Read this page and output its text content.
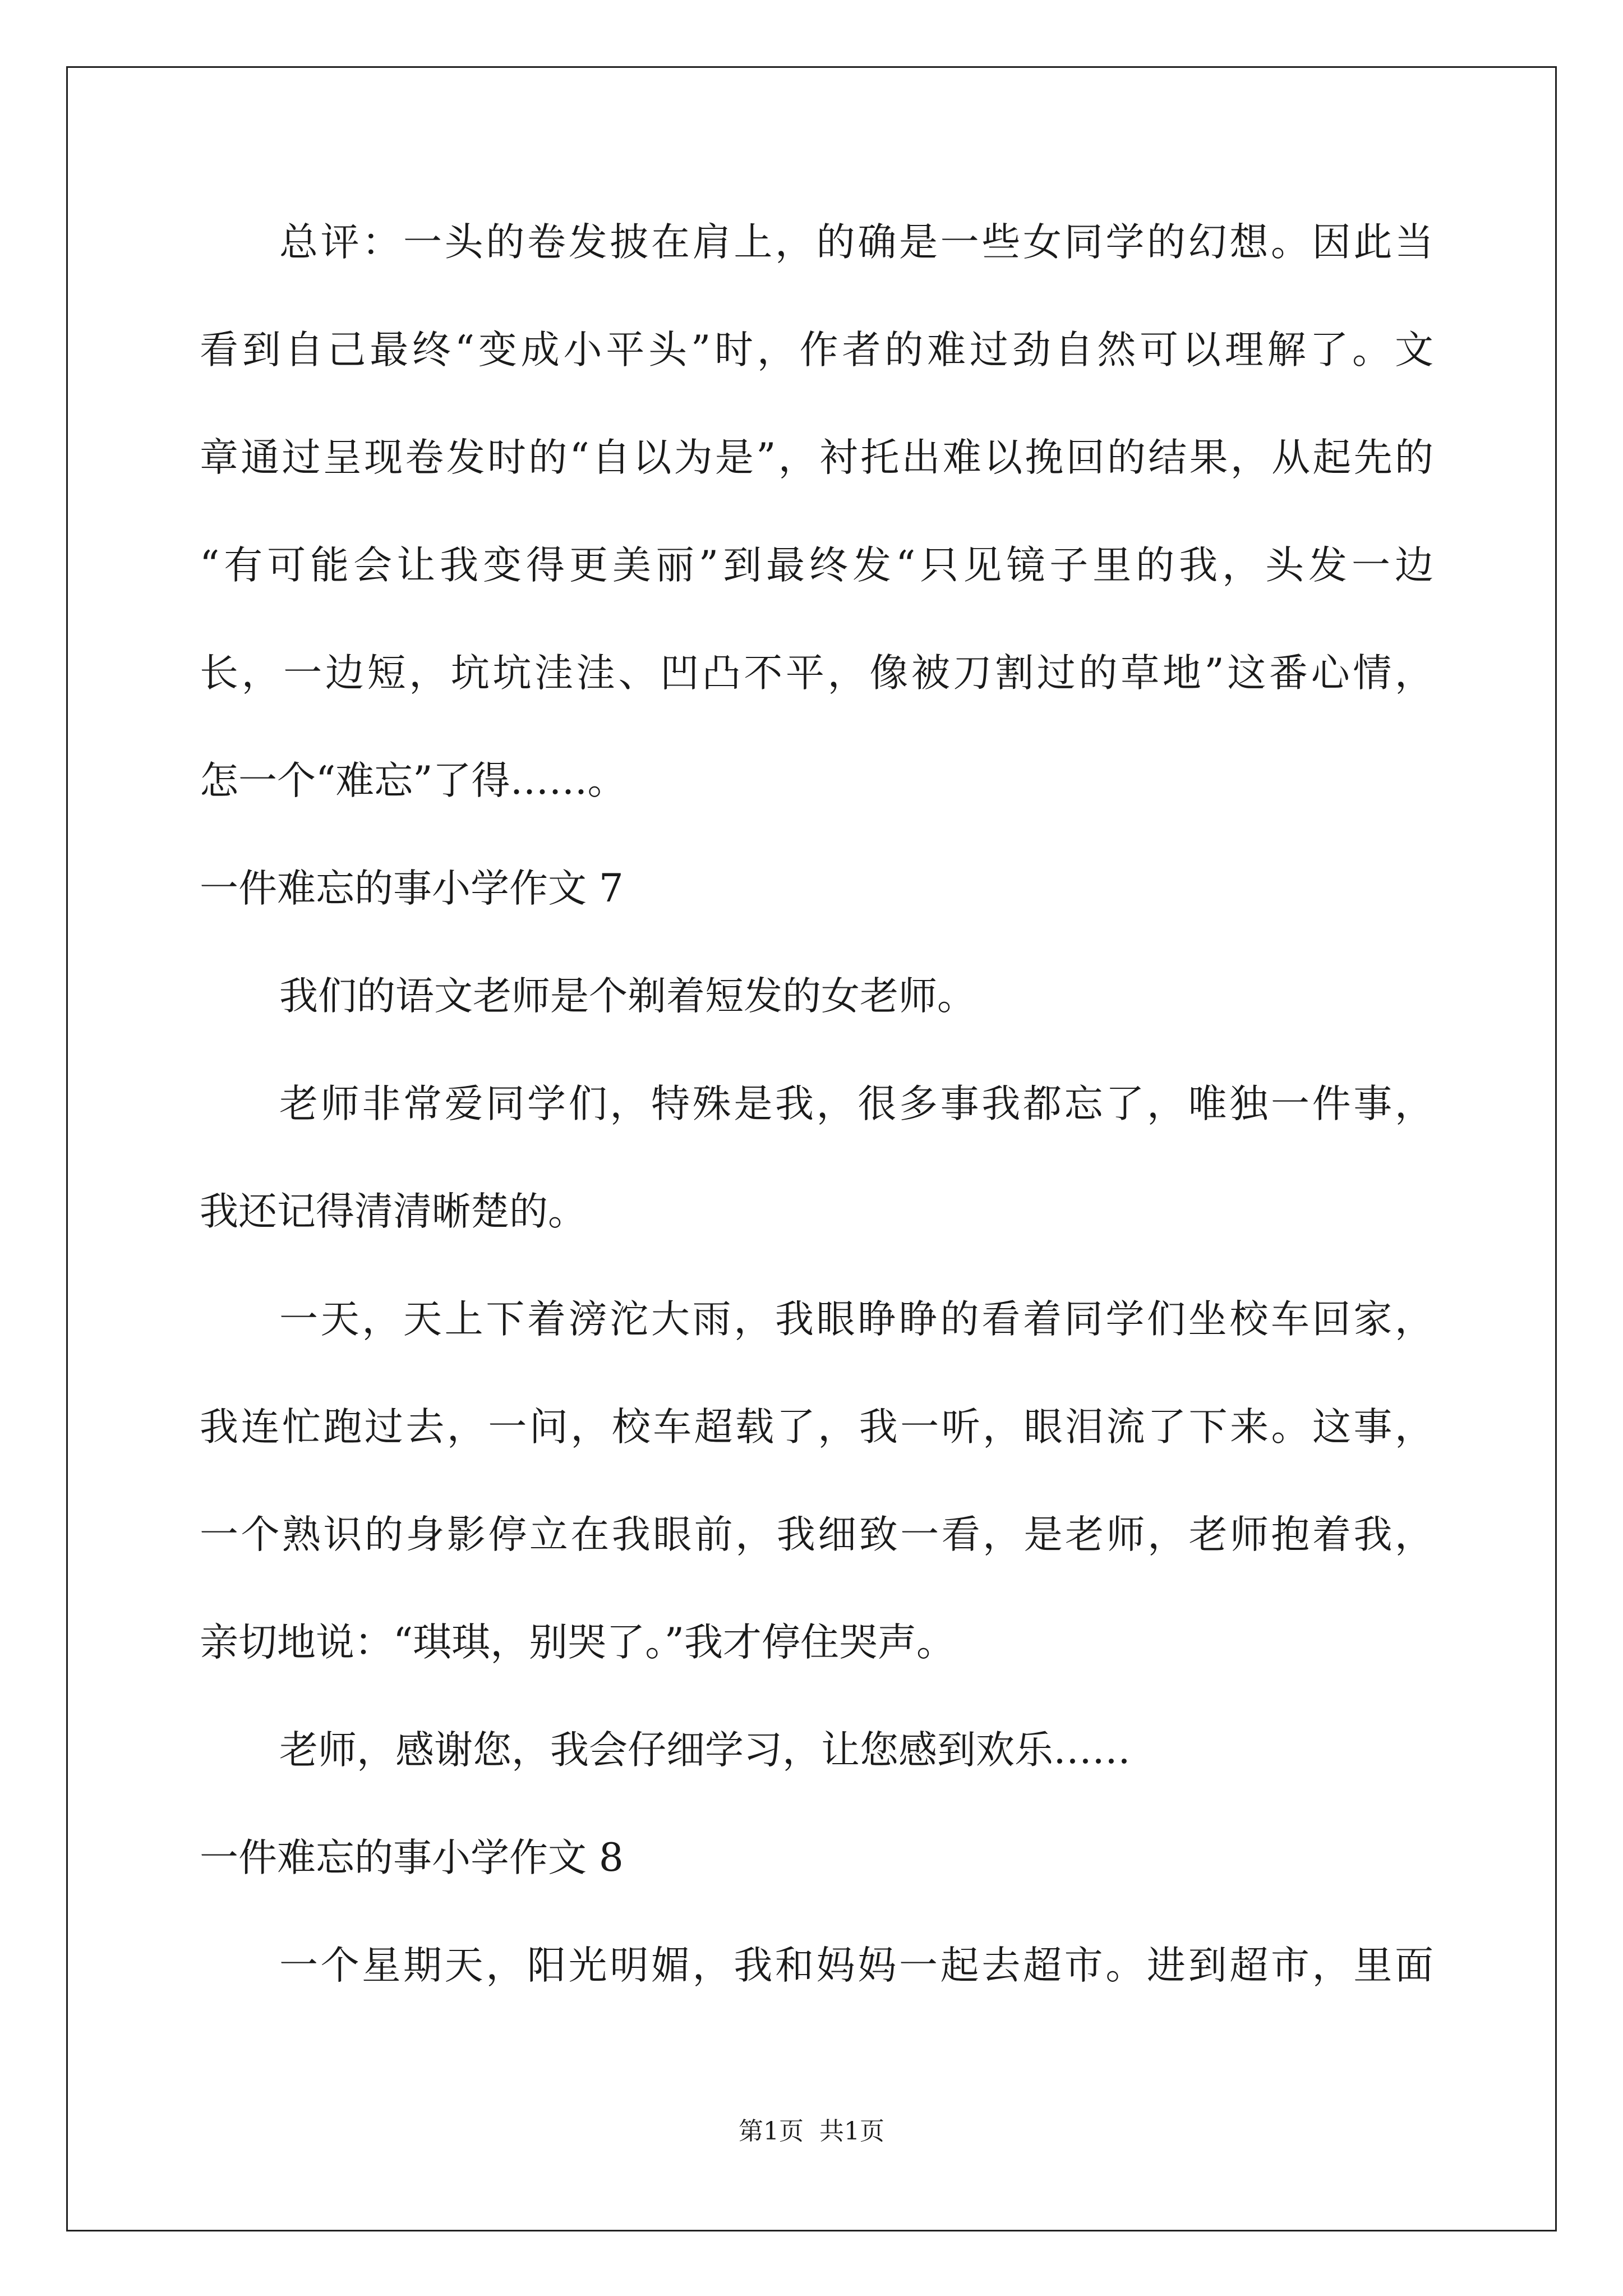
总评：一头的卷发披在肩上，的确是一些女同学的幻想。因此当
看到自己最终“变成小平头”时，作者的难过劲自然可以理解了。文
章通过呈现卷发时的“自以为是”，衬托出难以挽回的结果，从起先的
“有可能会让我变得更美丽”到最终发“只见镜子里的我，头发一边
长，一边短，坑坑洼洼、凹凸不平，像被刀割过的草地”这番心情，
怎一个“难忘”了得……。
一件难忘的事小学作文 7
我们的语文老师是个剃着短发的女老师。
老师非常爱同学们，特殊是我，很多事我都忘了，唯独一件事，
我还记得清清晰楚的。
一天，天上下着滂沱大雨，我眼睁睁的看着同学们坐校车回家，
我连忙跑过去，一问，校车超载了，我一听，眼泪流了下来。这事，
一个熟识的身影停立在我眼前，我细致一看，是老师，老师抱着我，
亲切地说：“琪琪，别哭了。”我才停住哭声。
老师，感谢您，我会仔细学习，让您感到欢乐……
一件难忘的事小学作文 8
一个星期天，阳光明媚，我和妈妈一起去超市。进到超市，里面
第1页 共1页
